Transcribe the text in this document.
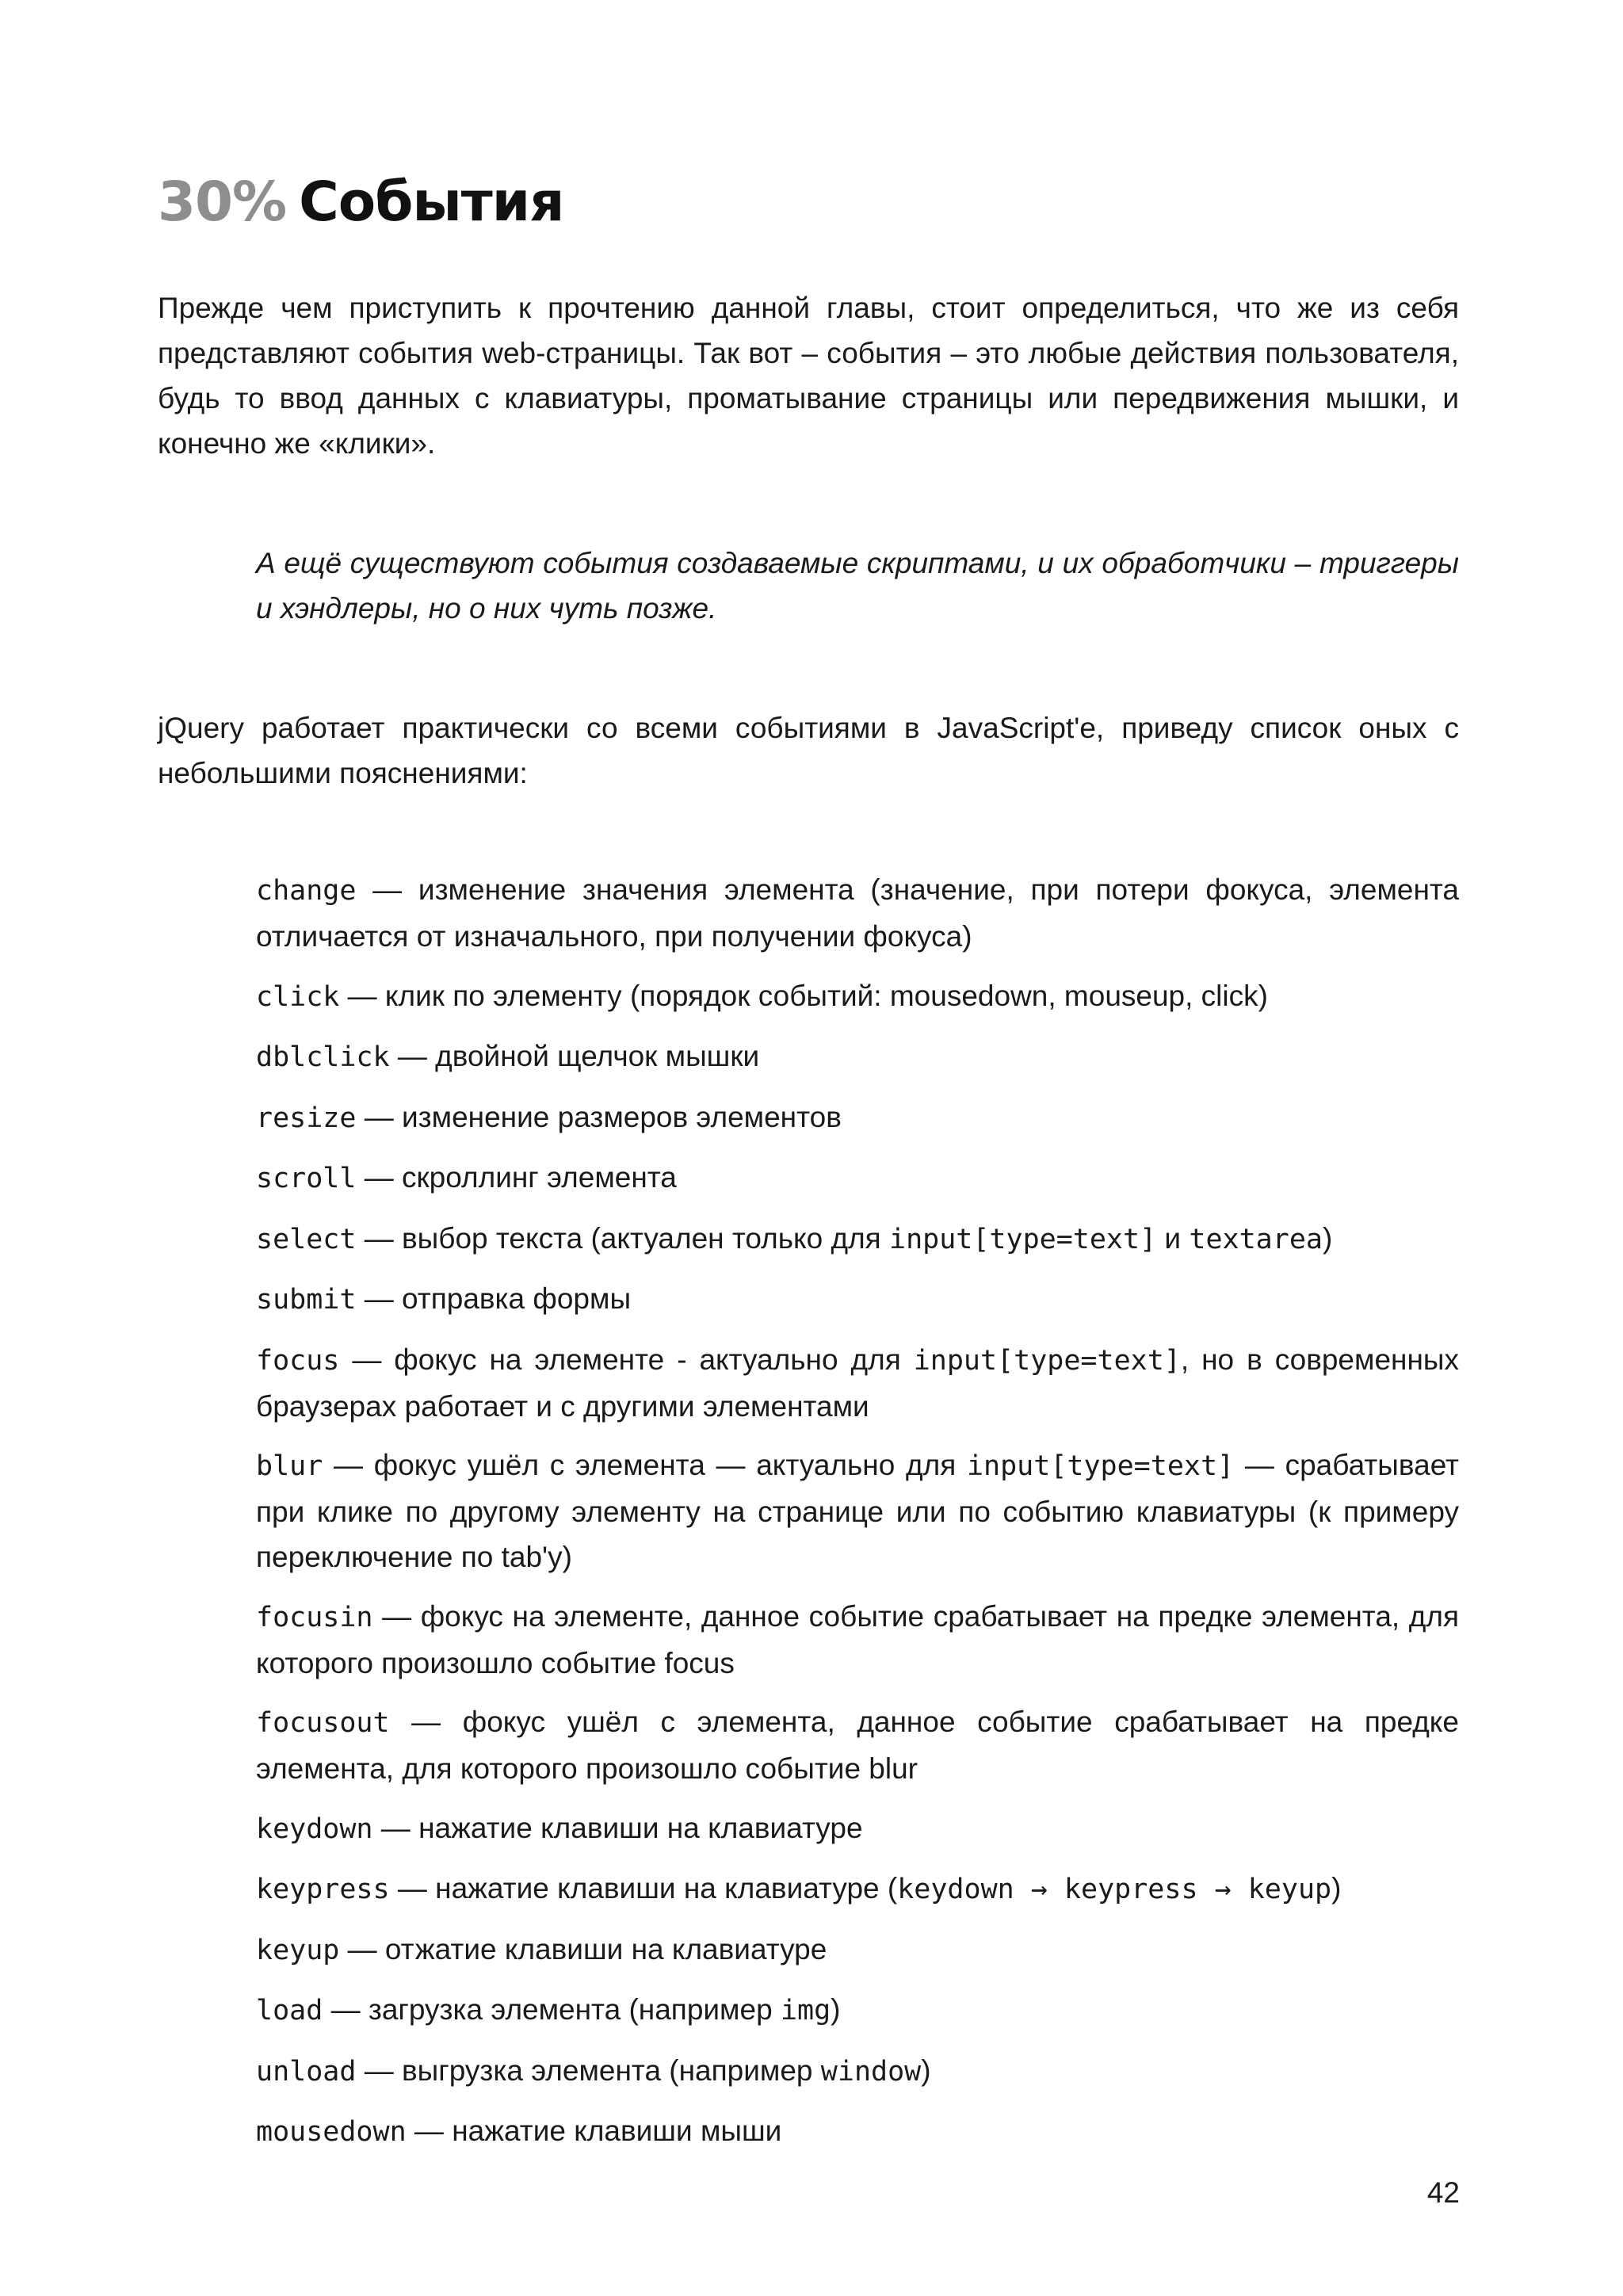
30% События

Прежде чем приступить к прочтению данной главы, стоит определиться, что же из себя представляют события web-страницы. Так вот – события – это любые действия пользователя, будь то ввод данных с клавиатуры, проматывание страницы или передвижения мышки, и конечно же «клики».

А ещё существуют события создаваемые скриптами, и их обработчики – триггеры и хэндлеры, но о них чуть позже.

jQuery работает практически со всеми событиями в JavaScript'e, приведу список оных с небольшими пояснениями:

change — изменение значения элемента (значение, при потери фокуса, элемента отличается от изначального, при получении фокуса)
click — клик по элементу (порядок событий: mousedown, mouseup, click)
dblclick — двойной щелчок мышки
resize — изменение размеров элементов
scroll — скроллинг элемента
select — выбор текста (актуален только для input[type=text] и textarea)
submit — отправка формы
focus — фокус на элементе - актуально для input[type=text], но в современных браузерах работает и с другими элементами
blur — фокус ушёл с элемента — актуально для input[type=text] — срабатывает при клике по другому элементу на странице или по событию клавиатуры (к примеру переключение по tab'у)
focusin — фокус на элементе, данное событие срабатывает на предке элемента, для которого произошло событие focus
focusout — фокус ушёл с элемента, данное событие срабатывает на предке элемента, для которого произошло событие blur
keydown — нажатие клавиши на клавиатуре
keypress — нажатие клавиши на клавиатуре (keydown → keypress → keyup)
keyup — отжатие клавиши на клавиатуре
load — загрузка элемента (например img)
unload — выгрузка элемента (например window)
mousedown — нажатие клавиши мыши
42
